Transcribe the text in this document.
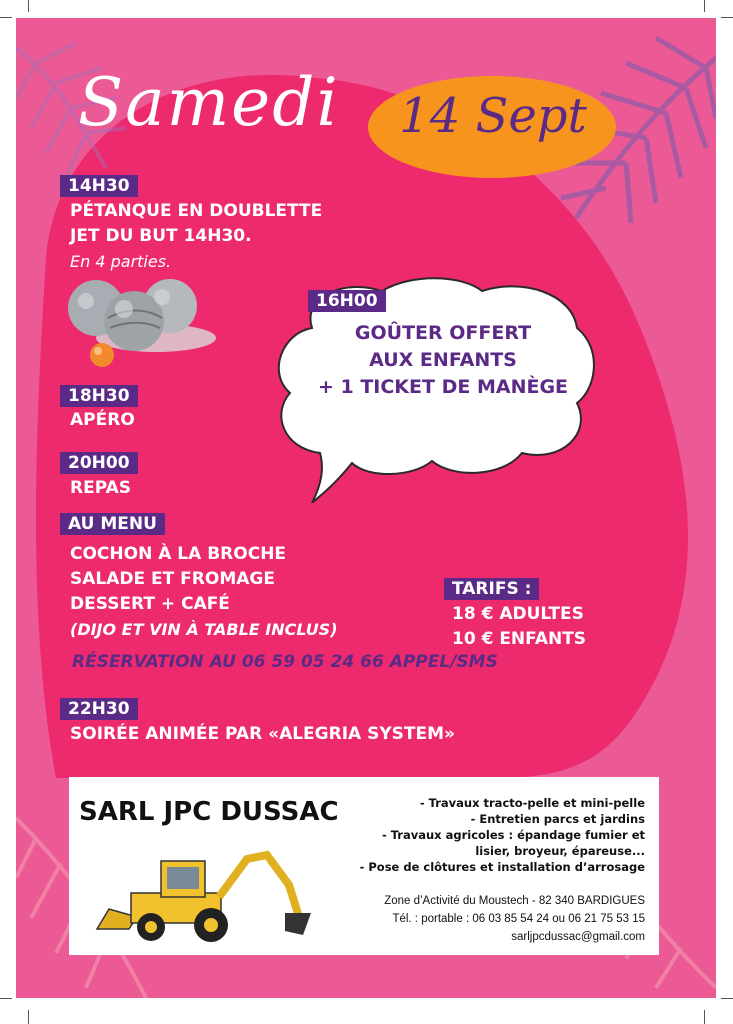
Samedi 14 Sept
14H30
PÉTANQUE EN DOUBLETTE
JET DU BUT 14H30.
En 4 parties.
16H00
GOÛTER OFFERT
AUX ENFANTS
+ 1 TICKET DE MANÈGE
18H30
APÉRO
20H00
REPAS
AU MENU
COCHON À LA BROCHE
SALADE ET FROMAGE
DESSERT + CAFÉ
(DIJO ET VIN À TABLE INCLUS)
TARIFS :
18 € ADULTES
10 € ENFANTS
RÉSERVATION AU 06 59 05 24 66 APPEL/SMS
22H30
SOIRÉE ANIMÉE PAR «ALEGRIA SYSTEM»
SARL JPC DUSSAC	- Travaux tracto-pelle et mini-pelle
- Entretien parcs et jardins
- Travaux agricoles : épandage fumier et
lisier, broyeur, épareuse...
- Pose de clôtures et installation d’arrosage
Zone d’Activité du Moustech - 82 340 BARDIGUES
Tél. : portable : 06 03 85 54 24 ou 06 21 75 53 15
sarljpcdussac@gmail.com
